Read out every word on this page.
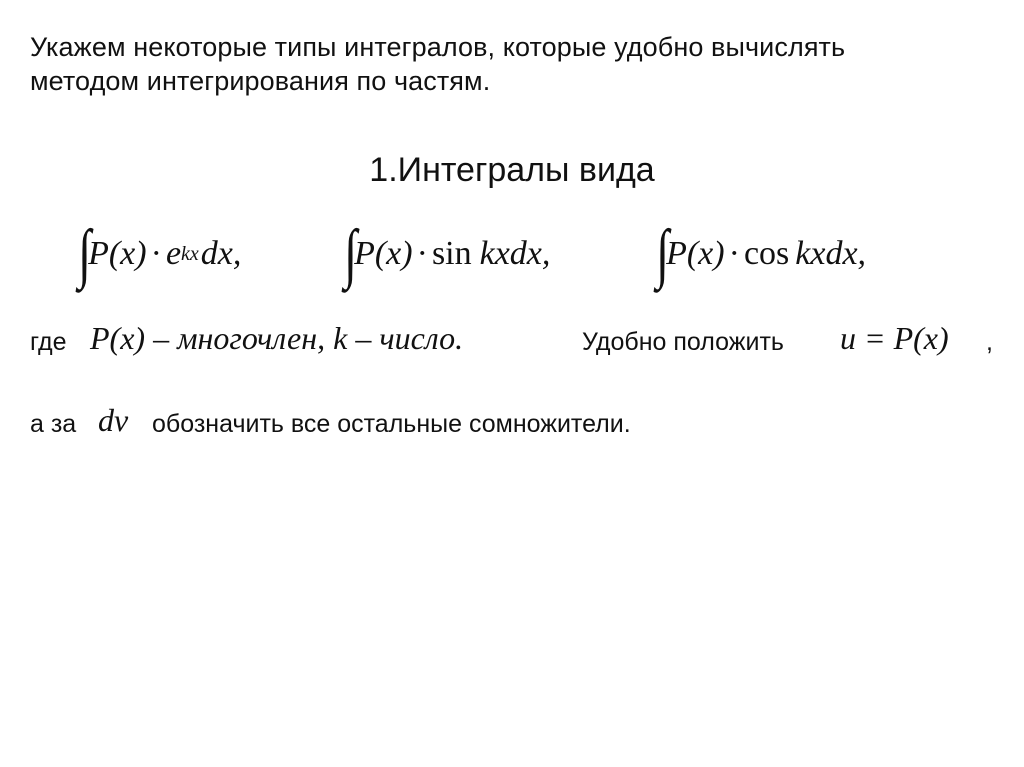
Укажем некоторые типы интегралов, которые удобно вычислять
методом интегрирования по частям.
1.Интегралы вида
∫
P(x) · e kx dx, ∫
P(x) · sin kxdx, ∫
P(x) · cos kxdx,
где P(x) – многочлен, k – число.	Удобно положить u = P(x) ,
а за dv обозначить все остальные сомножители.
